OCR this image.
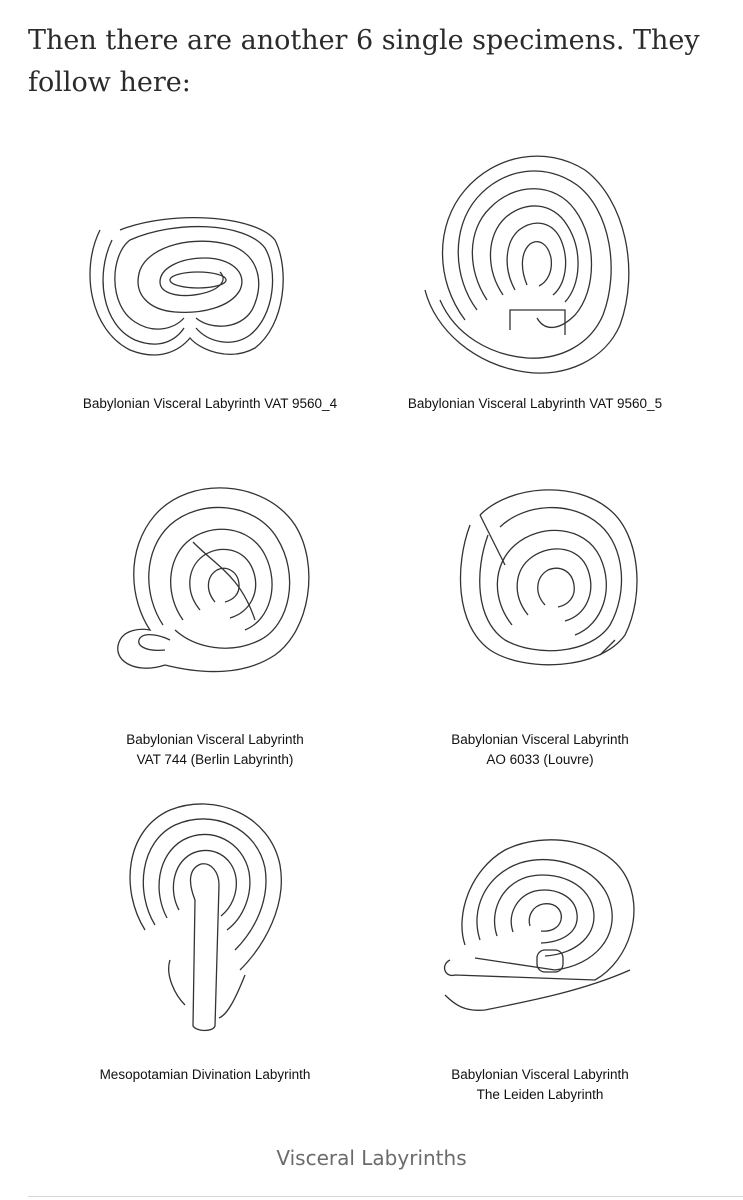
Then there are another 6 single specimens. They
follow here:

Babylonian Visceral Labyrinth VAT 9560_4	Babylonian Visceral Labyrinth VAT 9560_5
Babylonian Visceral Labyrinth
VAT 744 (Berlin Labyrinth)
Babylonian Visceral Labyrinth
AO 6033 (Louvre)
Mesopotamian Divination Labyrinth	Babylonian Visceral Labyrinth
The Leiden Labyrinth
Visceral Labyrinths
